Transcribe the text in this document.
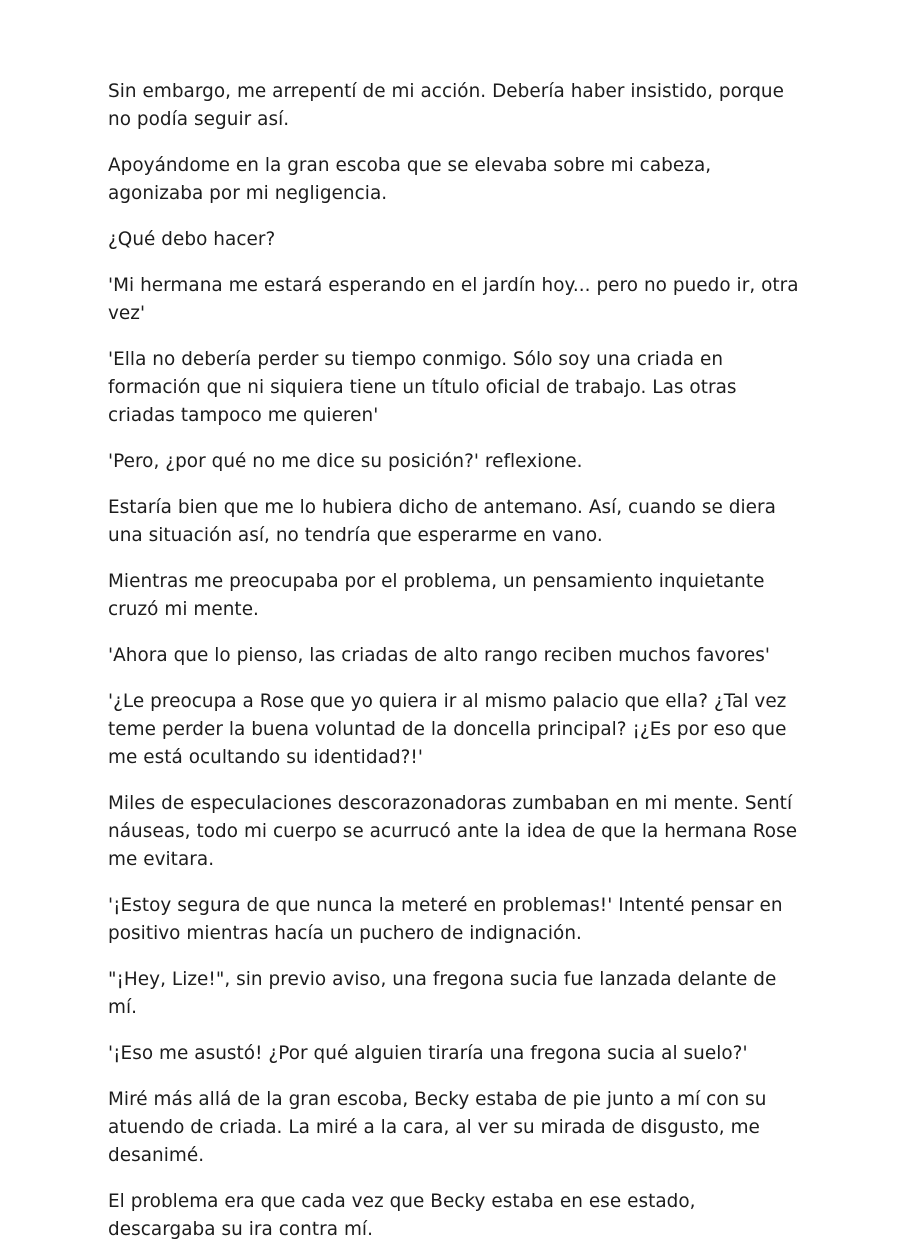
Sin embargo, me arrepentí de mi acción. Debería haber insistido, porque no podía seguir así.

Apoyándome en la gran escoba que se elevaba sobre mi cabeza, agonizaba por mi negligencia.

¿Qué debo hacer?

'Mi hermana me estará esperando en el jardín hoy... pero no puedo ir, otra vez'

'Ella no debería perder su tiempo conmigo. Sólo soy una criada en formación que ni siquiera tiene un título oficial de trabajo. Las otras criadas tampoco me quieren'

'Pero, ¿por qué no me dice su posición?' reflexione.

Estaría bien que me lo hubiera dicho de antemano. Así, cuando se diera una situación así, no tendría que esperarme en vano.

Mientras me preocupaba por el problema, un pensamiento inquietante cruzó mi mente.

'Ahora que lo pienso, las criadas de alto rango reciben muchos favores'

'¿Le preocupa a Rose que yo quiera ir al mismo palacio que ella? ¿Tal vez teme perder la buena voluntad de la doncella principal? ¡¿Es por eso que me está ocultando su identidad?!'

Miles de especulaciones descorazonadoras zumbaban en mi mente. Sentí náuseas, todo mi cuerpo se acurrucó ante la idea de que la hermana Rose me evitara.

'¡Estoy segura de que nunca la meteré en problemas!' Intenté pensar en positivo mientras hacía un puchero de indignación.

"¡Hey, Lize!", sin previo aviso, una fregona sucia fue lanzada delante de mí.

'¡Eso me asustó! ¿Por qué alguien tiraría una fregona sucia al suelo?'

Miré más allá de la gran escoba, Becky estaba de pie junto a mí con su atuendo de criada. La miré a la cara, al ver su mirada de disgusto, me desanimé.

El problema era que cada vez que Becky estaba en ese estado, descargaba su ira contra mí.
